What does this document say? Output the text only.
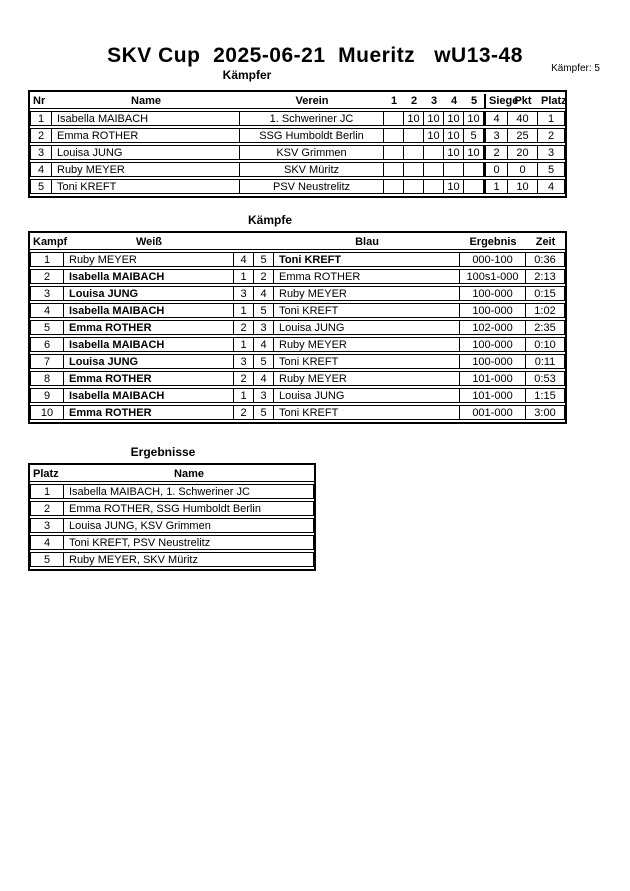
SKV Cup  2025-06-21  Mueritz   wU13-48
Kämpfer: 5
Kämpfer
Nr	Name	Verein	1	2	3	4	5	Siege	Pkt	Platz
1	Isabella MAIBACH	1. Schweriner JC		10	10	10	10	4	40	1
2	Emma ROTHER	SSG Humboldt Berlin			10	10	5	3	25	2
3	Louisa JUNG	KSV Grimmen				10	10	2	20	3
4	Ruby MEYER	SKV Müritz						0	0	5
5	Toni KREFT	PSV Neustrelitz				10		1	10	4
Kämpfe
Kampf	Weiß			Blau	Ergebnis	Zeit
1	Ruby MEYER	4	5	Toni KREFT	000-100	0:36
2	Isabella MAIBACH	1	2	Emma ROTHER	100s1-000	2:13
3	Louisa JUNG	3	4	Ruby MEYER	100-000	0:15
4	Isabella MAIBACH	1	5	Toni KREFT	100-000	1:02
5	Emma ROTHER	2	3	Louisa JUNG	102-000	2:35
6	Isabella MAIBACH	1	4	Ruby MEYER	100-000	0:10
7	Louisa JUNG	3	5	Toni KREFT	100-000	0:11
8	Emma ROTHER	2	4	Ruby MEYER	101-000	0:53
9	Isabella MAIBACH	1	3	Louisa JUNG	101-000	1:15
10	Emma ROTHER	2	5	Toni KREFT	001-000	3:00
Ergebnisse
Platz	Name
1	Isabella MAIBACH, 1. Schweriner JC
2	Emma ROTHER, SSG Humboldt Berlin
3	Louisa JUNG, KSV Grimmen
4	Toni KREFT, PSV Neustrelitz
5	Ruby MEYER, SKV Müritz
